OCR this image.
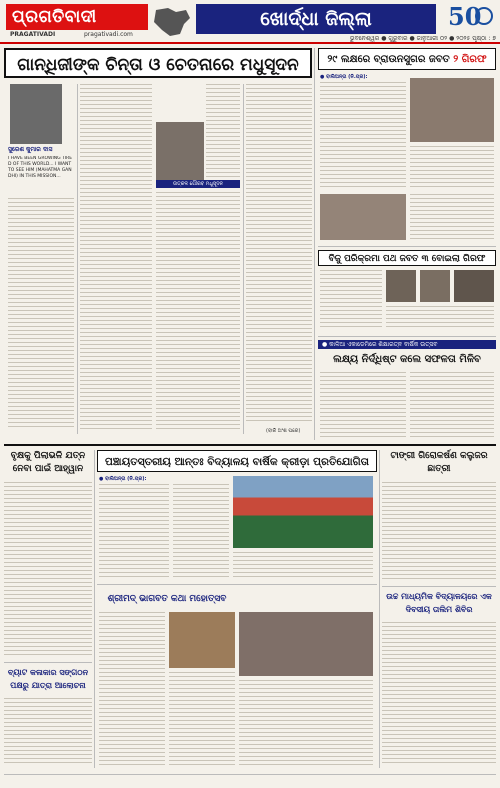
ପ୍ରଗତିବାଦୀ
PRAGATIVADI	pragativadi.com
ଖୋର୍ଦ୍ଧା ଜିଲ୍ଲା	50
ଭୁବନେଶ୍ୱର ● ଗୁରୁବାର ● ଜାନୁଆରୀ ୦୨ ● ୨୦୨୫ ପୃଷ୍ଠା : ୭
ଗାନ୍ଧିଜୀଙ୍କ ଚିନ୍ତା ଓ ଚେତନାରେ ମଧୁସୂଦନ
ସୁରେଶ କୁମାର ଦାସ
I HAVE BEEN GROWING TIRED OF THIS WORLD... I WANT TO SEE HIM (MAHATMA GANDHI) IN THIS MISSION...
ଉତ୍କଳ ଗୌରବ ମଧୁସୂଦନ
(ବାକି ଅଂଶ ପରେ)
୨୯ ଲକ୍ଷରେ ବ୍ରାଉନସୁଗର ଜବତ ୨ ଗିରଫ
● ବାଲିଅନ୍ତା (ନି.ପ୍ର):
ବିଜୁ ପରିକ୍ରମା ପଥ ଜବତ ୩ ବୋଇଲା ଗିରଫ
● କାଳିଆ ଏକାଡେମିରେ ଶିକ୍ଷାରତ୍ନ ବାର୍ଷିକ ଉତ୍ସବ
ଲକ୍ଷ୍ୟ ନିର୍ଦ୍ଧିଷ୍ଟ କଲେ ସଫଳତା ମିଳିବ
ବୃକ୍ଷକୁ ପିଲାଭଳି ଯତ୍ନ ନେବା ପାଇଁ ଆହ୍ୱାନ
ବ୍ୟାଟ କଳାକାର ସଙ୍ଗଠନ ପକ୍ଷରୁ ଯାତ୍ରା ଆଲୋଚନା
ପଞ୍ଚାୟତସ୍ତରୀୟ ଆନ୍ତଃ ବିଦ୍ୟାଳୟ ବାର୍ଷିକ କ୍ରୀଡ଼ା ପ୍ରତିଯୋଗିତା
● ବାଲିଅନ୍ତା (ନି.ପ୍ର):
ଶ୍ରୀମଦ୍ ଭାଗବତ କଥା ମହୋତ୍ସବ
ଟାଙ୍ଗୀ ଗିରୋକର୍ଷଣ କଲୁଜର ଛାତ୍ରୀ
ଉଚ୍ଚ ମାଧ୍ୟମିକ ବିଦ୍ୟାଳୟରେ ଏକ ଦିବସୀୟ ତାଲିମ ଶିବିର
